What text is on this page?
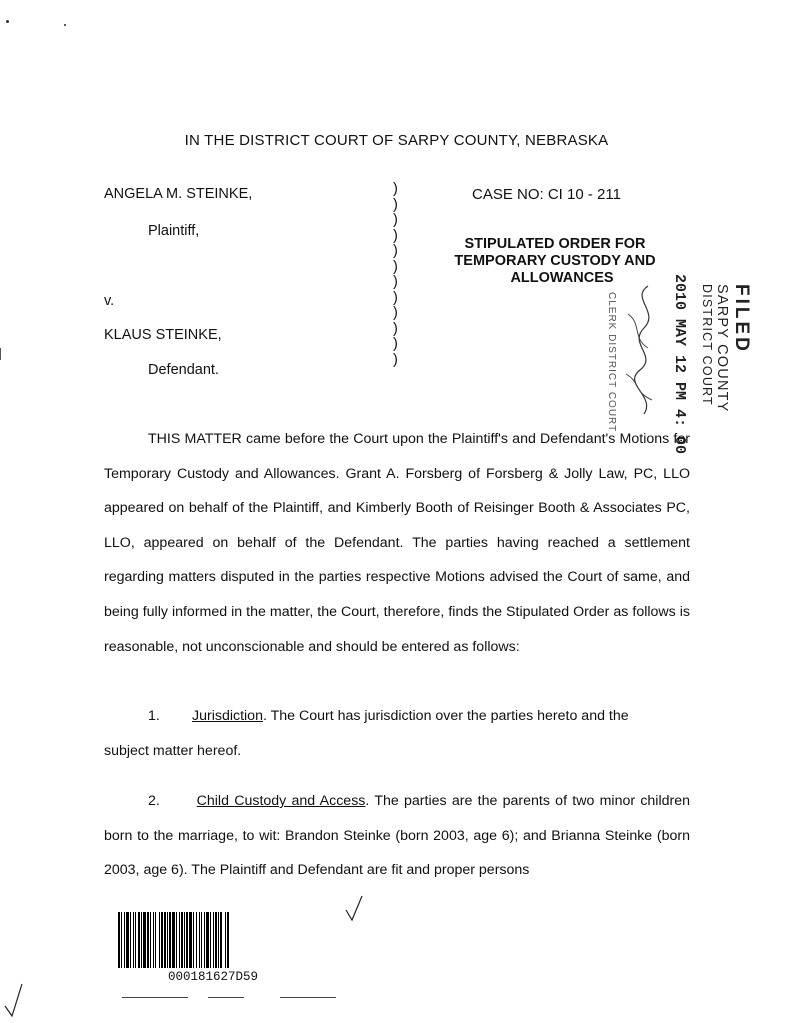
IN THE DISTRICT COURT OF SARPY COUNTY, NEBRASKA
ANGELA M. STEINKE,
Plaintiff,
v.
KLAUS STEINKE,
Defendant.
)
)
)
)
)
)
)
)
)
)
)
)
CASE NO: CI 10 - 211
STIPULATED ORDER FOR
TEMPORARY CUSTODY AND
ALLOWANCES
FILED
SARPY COUNTY
DISTRICT COURT
2010 MAY 12 PM 4: 00
CLERK DISTRICT COURT

THIS MATTER came before the Court upon the Plaintiff's and Defendant's Motions for Temporary Custody and Allowances. Grant A. Forsberg of Forsberg & Jolly Law, PC, LLO appeared on behalf of the Plaintiff, and Kimberly Booth of Reisinger Booth & Associates PC, LLO, appeared on behalf of the Defendant. The parties having reached a settlement regarding matters disputed in the parties respective Motions advised the Court of same, and being fully informed in the matter, the Court, therefore, finds the Stipulated Order as follows is reasonable, not unconscionable and should be entered as follows:

1. Jurisdiction. The Court has jurisdiction over the parties hereto and the
subject matter hereof.

2.	Child Custody and Access. The parties are the parents of two minor children born to the marriage, to wit: Brandon Steinke (born 2003, age 6); and Brianna Steinke (born 2003, age 6). The Plaintiff and Defendant are fit and proper persons

000181627D59
